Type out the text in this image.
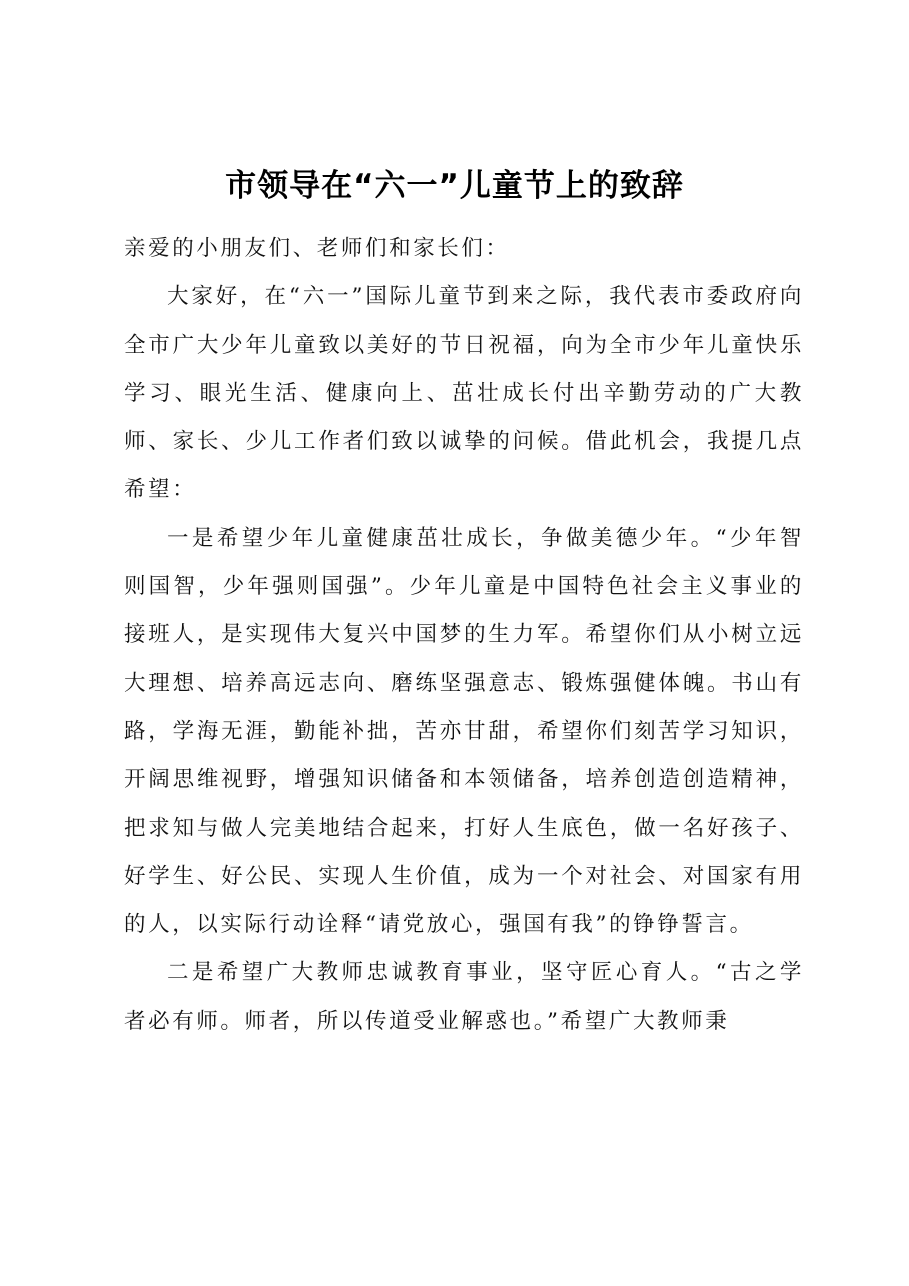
市领导在“六一”儿童节上的致辞

亲爱的小朋友们、老师们和家长们：

大家好，在“六一”国际儿童节到来之际，我代表市委政府向全市广大少年儿童致以美好的节日祝福，向为全市少年儿童快乐学习、眼光生活、健康向上、茁壮成长付出辛勤劳动的广大教师、家长、少儿工作者们致以诚挚的问候。借此机会，我提几点希望：

一是希望少年儿童健康茁壮成长，争做美德少年。“少年智则国智，少年强则国强”。少年儿童是中国特色社会主义事业的接班人，是实现伟大复兴中国梦的生力军。希望你们从小树立远大理想、培养高远志向、磨练坚强意志、锻炼强健体魄。书山有路，学海无涯，勤能补拙，苦亦甘甜，希望你们刻苦学习知识，开阔思维视野，增强知识储备和本领储备，培养创造创造精神，把求知与做人完美地结合起来，打好人生底色，做一名好孩子、好学生、好公民、实现人生价值，成为一个对社会、对国家有用的人，以实际行动诠释“请党放心，强国有我”的铮铮誓言。

二是希望广大教师忠诚教育事业，坚守匠心育人。“古之学者必有师。师者，所以传道受业解惑也。”希望广大教师秉
